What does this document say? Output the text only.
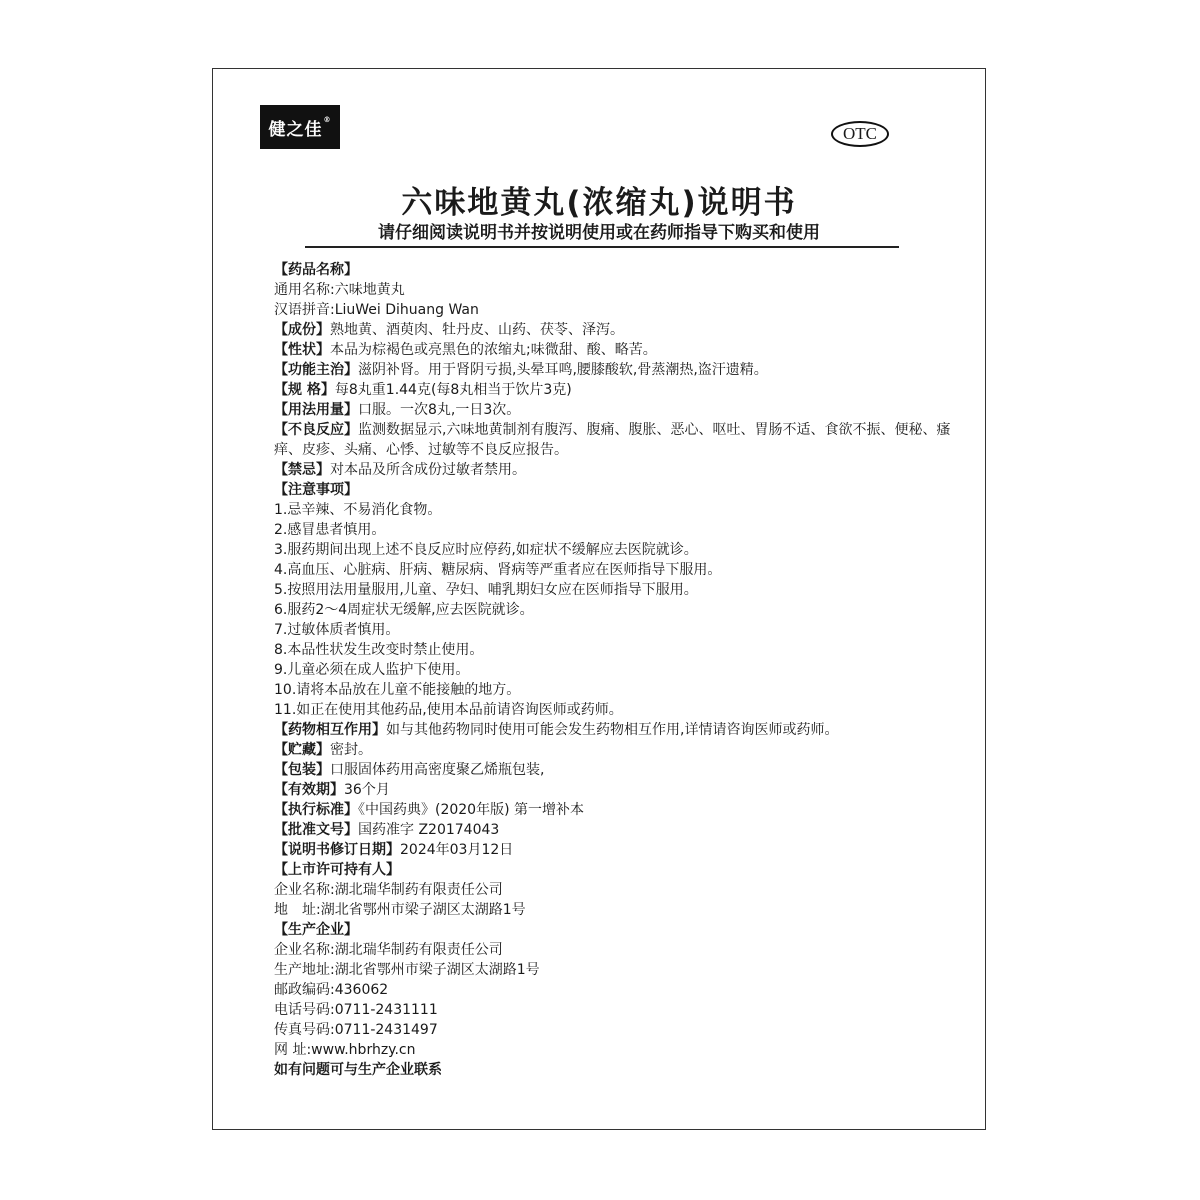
健之佳
®
OTC
六味地黄丸(浓缩丸)说明书
请仔细阅读说明书并按说明使用或在药师指导下购买和使用
【药品名称】
通用名称:六味地黄丸
汉语拼音:LiuWei Dihuang Wan
【成份】熟地黄、酒萸肉、牡丹皮、山药、茯苓、泽泻。
【性状】本品为棕褐色或亮黑色的浓缩丸;味微甜、酸、略苦。
【功能主治】滋阴补肾。用于肾阴亏损,头晕耳鸣,腰膝酸软,骨蒸潮热,盗汗遗精。
【规 格】每8丸重1.44克(每8丸相当于饮片3克)
【用法用量】口服。一次8丸,一日3次。
【不良反应】监测数据显示,六味地黄制剂有腹泻、腹痛、腹胀、恶心、呕吐、胃肠不适、食欲不振、便秘、瘙痒、皮疹、头痛、心悸、过敏等不良反应报告。
【禁忌】对本品及所含成份过敏者禁用。
【注意事项】
1.忌辛辣、不易消化食物。
2.感冒患者慎用。
3.服药期间出现上述不良反应时应停药,如症状不缓解应去医院就诊。
4.高血压、心脏病、肝病、糖尿病、肾病等严重者应在医师指导下服用。
5.按照用法用量服用,儿童、孕妇、哺乳期妇女应在医师指导下服用。
6.服药2～4周症状无缓解,应去医院就诊。
7.过敏体质者慎用。
8.本品性状发生改变时禁止使用。
9.儿童必须在成人监护下使用。
10.请将本品放在儿童不能接触的地方。
11.如正在使用其他药品,使用本品前请咨询医师或药师。
【药物相互作用】如与其他药物同时使用可能会发生药物相互作用,详情请咨询医师或药师。
【贮藏】密封。
【包装】口服固体药用高密度聚乙烯瓶包装,
【有效期】36个月
【执行标准】《中国药典》(2020年版) 第一增补本
【批准文号】国药准字 Z20174043
【说明书修订日期】2024年03月12日
【上市许可持有人】
企业名称:湖北瑞华制药有限责任公司
地　址:湖北省鄂州市梁子湖区太湖路1号
【生产企业】
企业名称:湖北瑞华制药有限责任公司
生产地址:湖北省鄂州市梁子湖区太湖路1号
邮政编码:436062
电话号码:0711-2431111
传真号码:0711-2431497
网 址:www.hbrhzy.cn
如有问题可与生产企业联系
